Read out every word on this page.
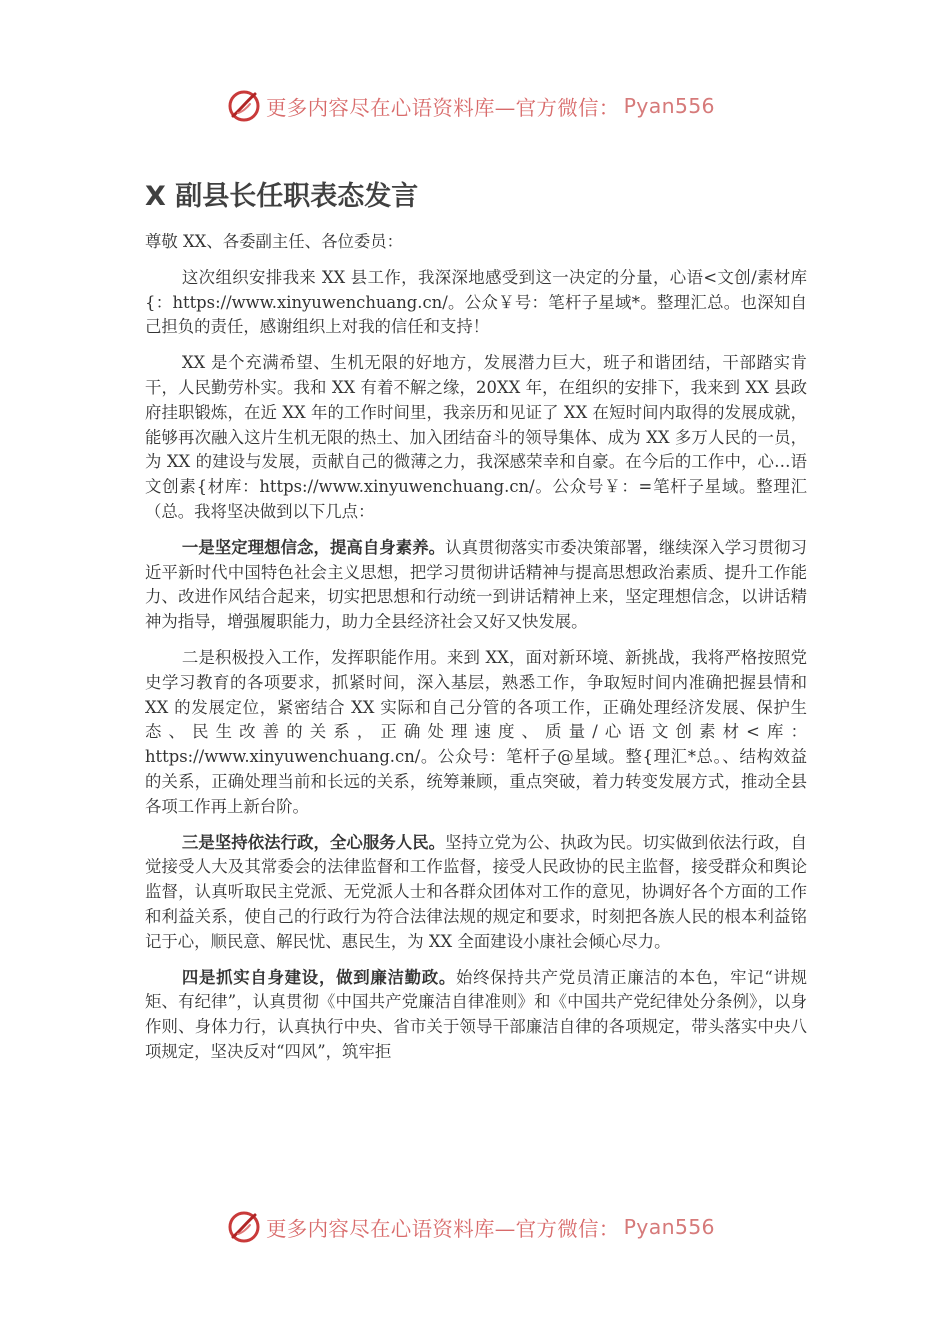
更多内容尽在心语资料库—官方微信： Pyan556
X 副县长任职表态发言

尊敬 XX、各委副主任、各位委员：

这次组织安排我来 XX 县工作，我深深地感受到这一决定的分量，心语<文创/素材库{：https://www.xinyuwenchuang.cn/。公众￥号：笔杆子星域*。整理汇总。也深知自己担负的责任，感谢组织上对我的信任和支持！

XX 是个充满希望、生机无限的好地方，发展潜力巨大，班子和谐团结，干部踏实肯干，人民勤劳朴实。我和 XX 有着不解之缘，20XX 年，在组织的安排下，我来到 XX 县政府挂职锻炼，在近 XX 年的工作时间里，我亲历和见证了 XX 在短时间内取得的发展成就，能够再次融入这片生机无限的热土、加入团结奋斗的领导集体、成为 XX 多万人民的一员，为 XX 的建设与发展，贡献自己的微薄之力，我深感荣幸和自豪。在今后的工作中，心…语文创素{材库：https://www.xinyuwenchuang.cn/。公众号￥：=笔杆子星域。整理汇（总。我将坚决做到以下几点：

一是坚定理想信念，提高自身素养。认真贯彻落实市委决策部署，继续深入学习贯彻习近平新时代中国特色社会主义思想，把学习贯彻讲话精神与提高思想政治素质、提升工作能力、改进作风结合起来，切实把思想和行动统一到讲话精神上来，坚定理想信念，以讲话精神为指导，增强履职能力，助力全县经济社会又好又快发展。

二是积极投入工作，发挥职能作用。来到 XX，面对新环境、新挑战，我将严格按照党史学习教育的各项要求，抓紧时间，深入基层，熟悉工作，争取短时间内准确把握县情和 XX 的发展定位，紧密结合 XX 实际和自己分管的各项工作，正确处理经济发展、保护生态、民生改善的关系，正确处理速度、质量/心语文创素材<库：https://www.xinyuwenchuang.cn/。公众号：笔杆子@星域。整{理汇*总。、结构效益的关系，正确处理当前和长远的关系，统筹兼顾，重点突破，着力转变发展方式，推动全县各项工作再上新台阶。

三是坚持依法行政，全心服务人民。坚持立党为公、执政为民。切实做到依法行政，自觉接受人大及其常委会的法律监督和工作监督，接受人民政协的民主监督，接受群众和舆论监督，认真听取民主党派、无党派人士和各群众团体对工作的意见，协调好各个方面的工作和利益关系，使自己的行政行为符合法律法规的规定和要求，时刻把各族人民的根本利益铭记于心，顺民意、解民忧、惠民生，为 XX 全面建设小康社会倾心尽力。

四是抓实自身建设，做到廉洁勤政。始终保持共产党员清正廉洁的本色，牢记“讲规矩、有纪律”，认真贯彻《中国共产党廉洁自律准则》和《中国共产党纪律处分条例》，以身作则、身体力行，认真执行中央、省市关于领导干部廉洁自律的各项规定，带头落实中央八项规定，坚决反对“四风”，筑牢拒

更多内容尽在心语资料库—官方微信： Pyan556
